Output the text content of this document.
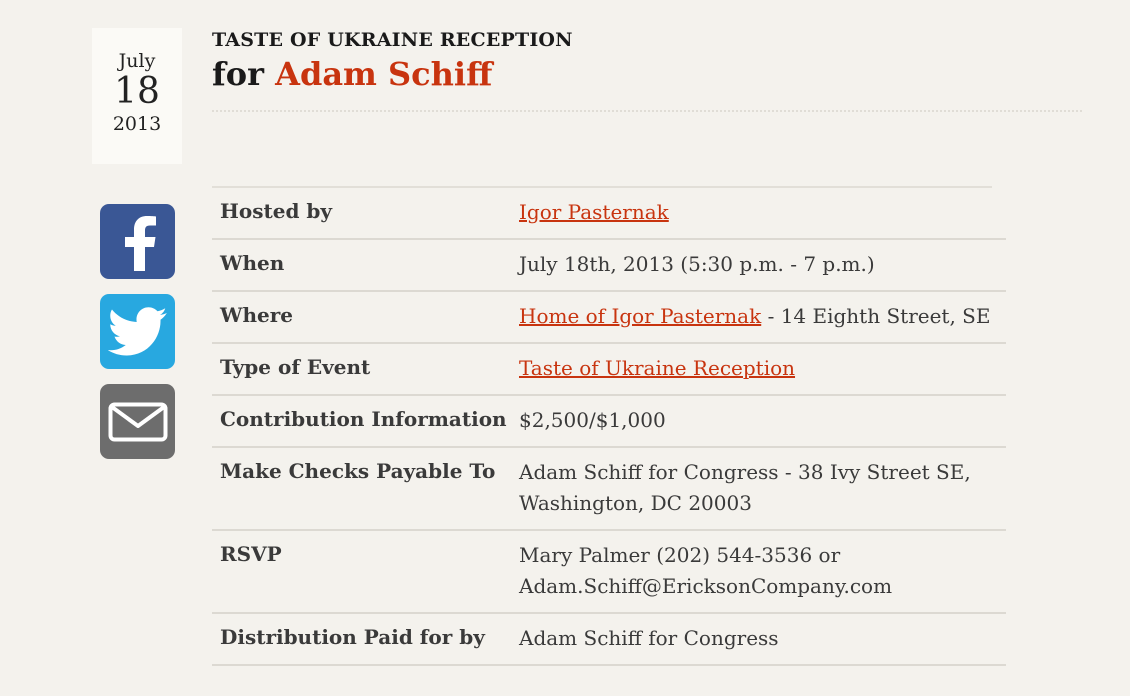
July
18
2013
TASTE OF UKRAINE RECEPTION
for Adam Schiff
Hosted by	Igor Pasternak
When	July 18th, 2013 (5:30 p.m. - 7 p.m.)
Where	Home of Igor Pasternak - 14 Eighth Street, SE
Type of Event	Taste of Ukraine Reception
Contribution Information $2,500/$1,000
Make Checks Payable To	Adam Schiff for Congress - 38 Ivy Street SE,
Washington, DC 20003
RSVP	Mary Palmer (202) 544-3536 or
Adam.Schiff@EricksonCompany.com
Distribution Paid for by	Adam Schiff for Congress
